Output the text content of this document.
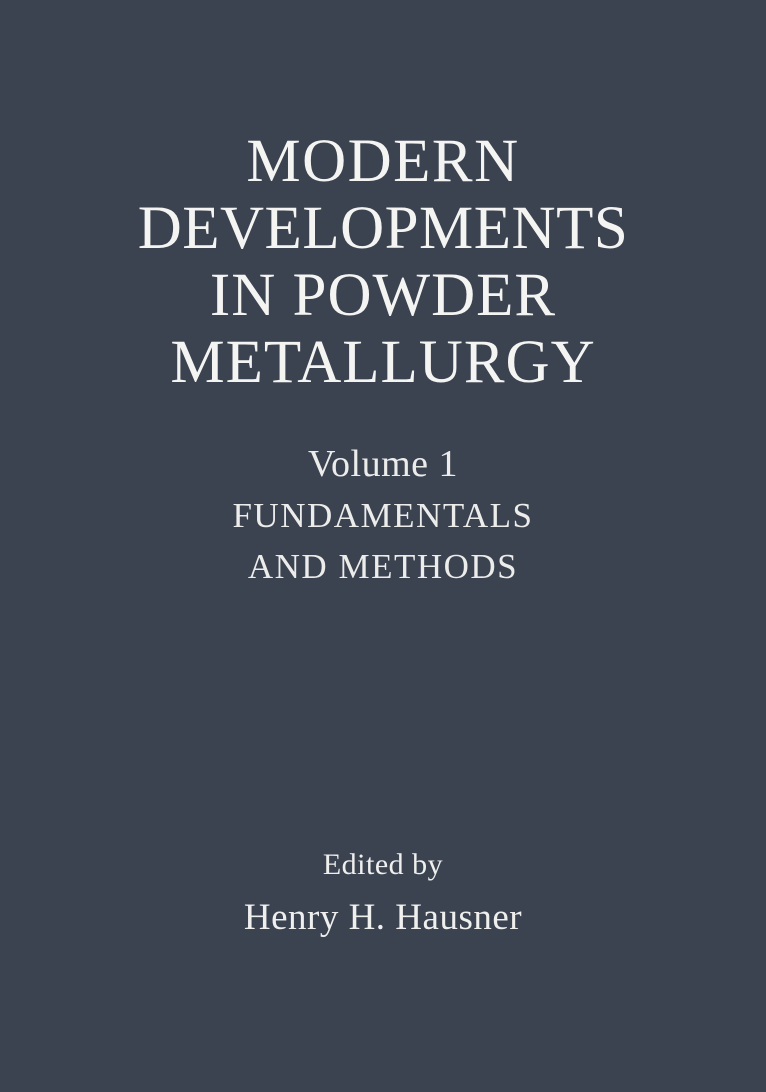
MODERN
DEVELOPMENTS
IN POWDER
METALLURGY
Volume 1
FUNDAMENTALS
AND METHODS
Edited by
Henry H. Hausner
